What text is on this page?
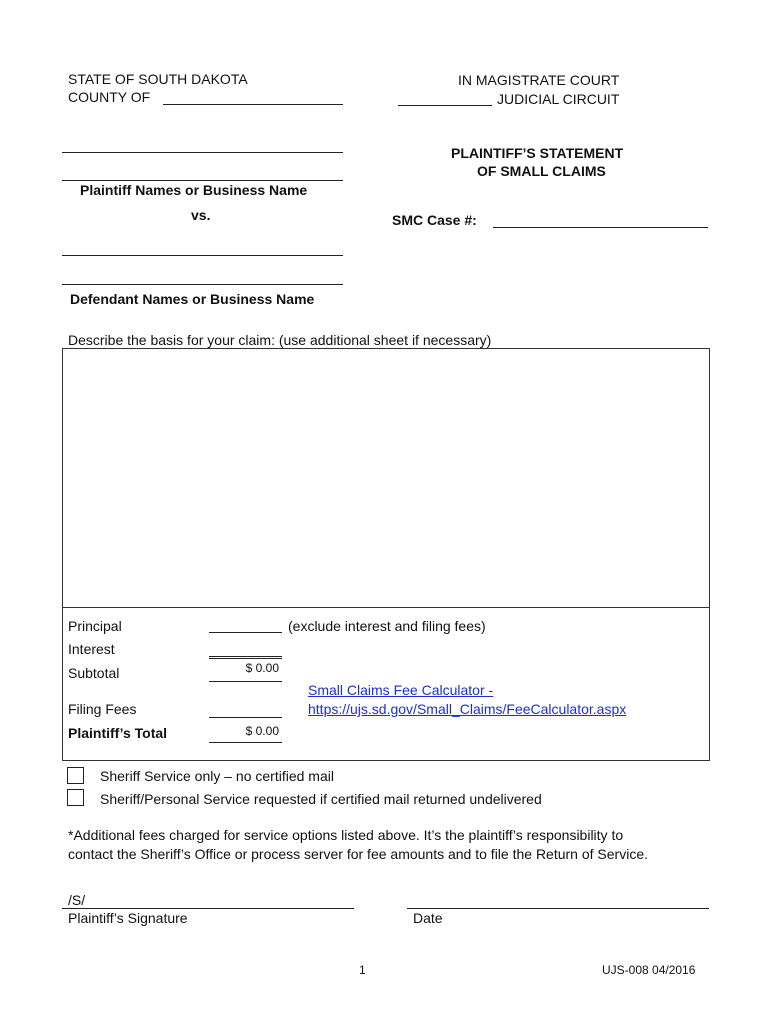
STATE OF SOUTH DAKOTA
COUNTY OF
IN MAGISTRATE COURT
JUDICIAL CIRCUIT
Plaintiff Names or Business Name
vs.
PLAINTIFF’S STATEMENT
OF SMALL CLAIMS
SMC Case #:
Defendant Names or Business Name
Describe the basis for your claim: (use additional sheet if necessary)
Principal	(exclude interest and filing fees)
Interest
Subtotal	$ 0.00
Small Claims Fee Calculator -
https://ujs.sd.gov/Small_Claims/FeeCalculator.aspx
Filing Fees
Plaintiff’s Total	$ 0.00
Sheriff Service only – no certified mail
Sheriff/Personal Service requested if certified mail returned undelivered
*Additional fees charged for service options listed above. It’s the plaintiff’s responsibility to
contact the Sheriff’s Office or process server for fee amounts and to file the Return of Service.
/S/
Plaintiff’s Signature	Date
1	UJS-008 04/2016
